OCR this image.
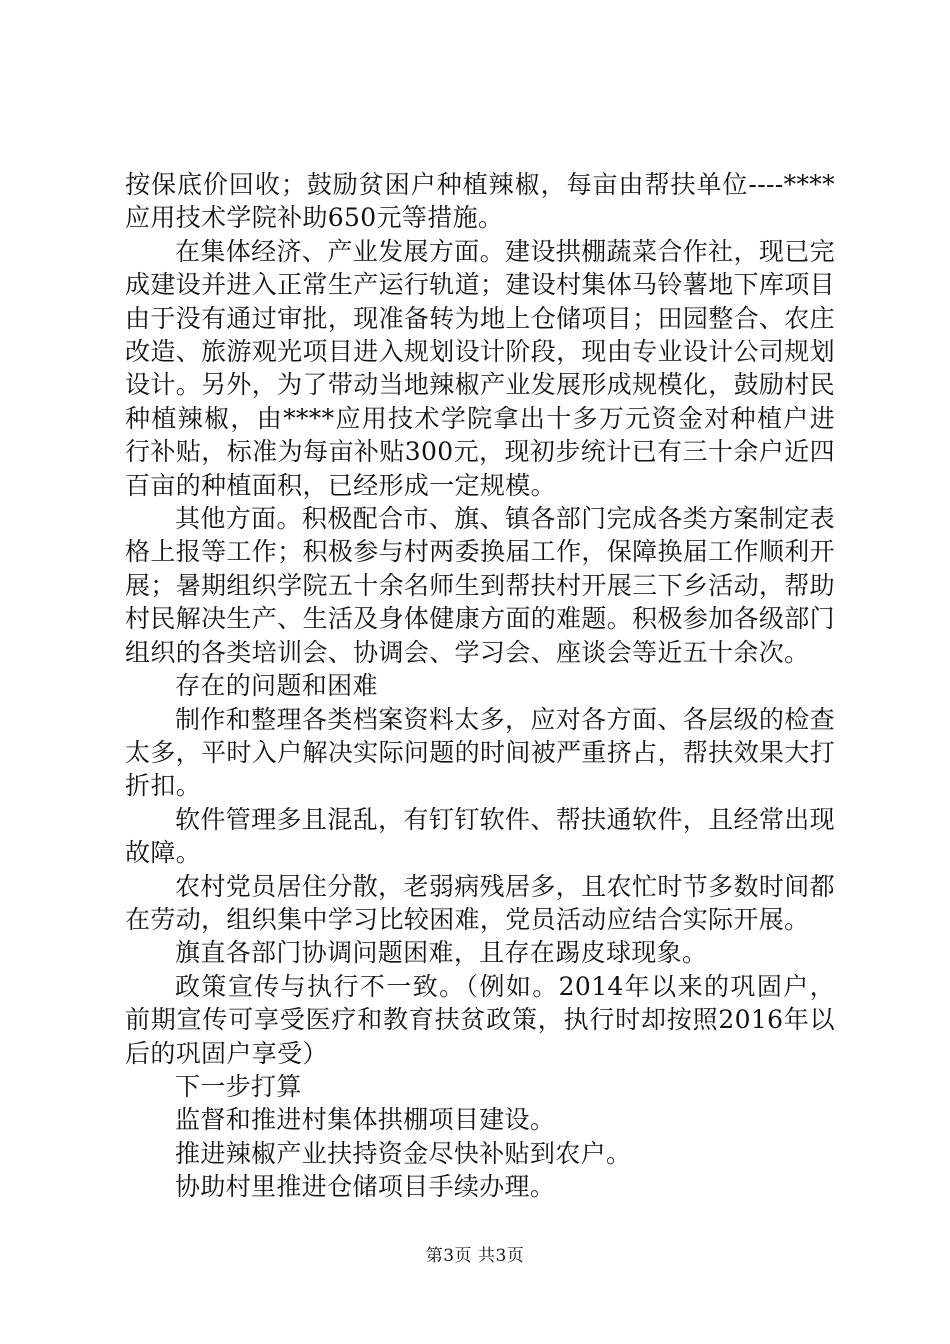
按保底价回收；鼓励贫困户种植辣椒，每亩由帮扶单位----****应用技术学院补助650元等措施。

在集体经济、产业发展方面。建设拱棚蔬菜合作社，现已完成建设并进入正常生产运行轨道；建设村集体马铃薯地下库项目由于没有通过审批，现准备转为地上仓储项目；田园整合、农庄改造、旅游观光项目进入规划设计阶段，现由专业设计公司规划设计。另外，为了带动当地辣椒产业发展形成规模化，鼓励村民种植辣椒，由****应用技术学院拿出十多万元资金对种植户进行补贴，标准为每亩补贴300元，现初步统计已有三十余户近四百亩的种植面积，已经形成一定规模。

其他方面。积极配合市、旗、镇各部门完成各类方案制定表格上报等工作；积极参与村两委换届工作，保障换届工作顺利开展；暑期组织学院五十余名师生到帮扶村开展三下乡活动，帮助村民解决生产、生活及身体健康方面的难题。积极参加各级部门组织的各类培训会、协调会、学习会、座谈会等近五十余次。

存在的问题和困难

制作和整理各类档案资料太多，应对各方面、各层级的检查太多，平时入户解决实际问题的时间被严重挤占，帮扶效果大打折扣。

软件管理多且混乱，有钉钉软件、帮扶通软件，且经常出现故障。

农村党员居住分散，老弱病残居多，且农忙时节多数时间都在劳动，组织集中学习比较困难，党员活动应结合实际开展。

旗直各部门协调问题困难，且存在踢皮球现象。

政策宣传与执行不一致。（例如。2014年以来的巩固户，前期宣传可享受医疗和教育扶贫政策，执行时却按照2016年以后的巩固户享受）

下一步打算

监督和推进村集体拱棚项目建设。

推进辣椒产业扶持资金尽快补贴到农户。

协助村里推进仓储项目手续办理。

第3页 共3页
